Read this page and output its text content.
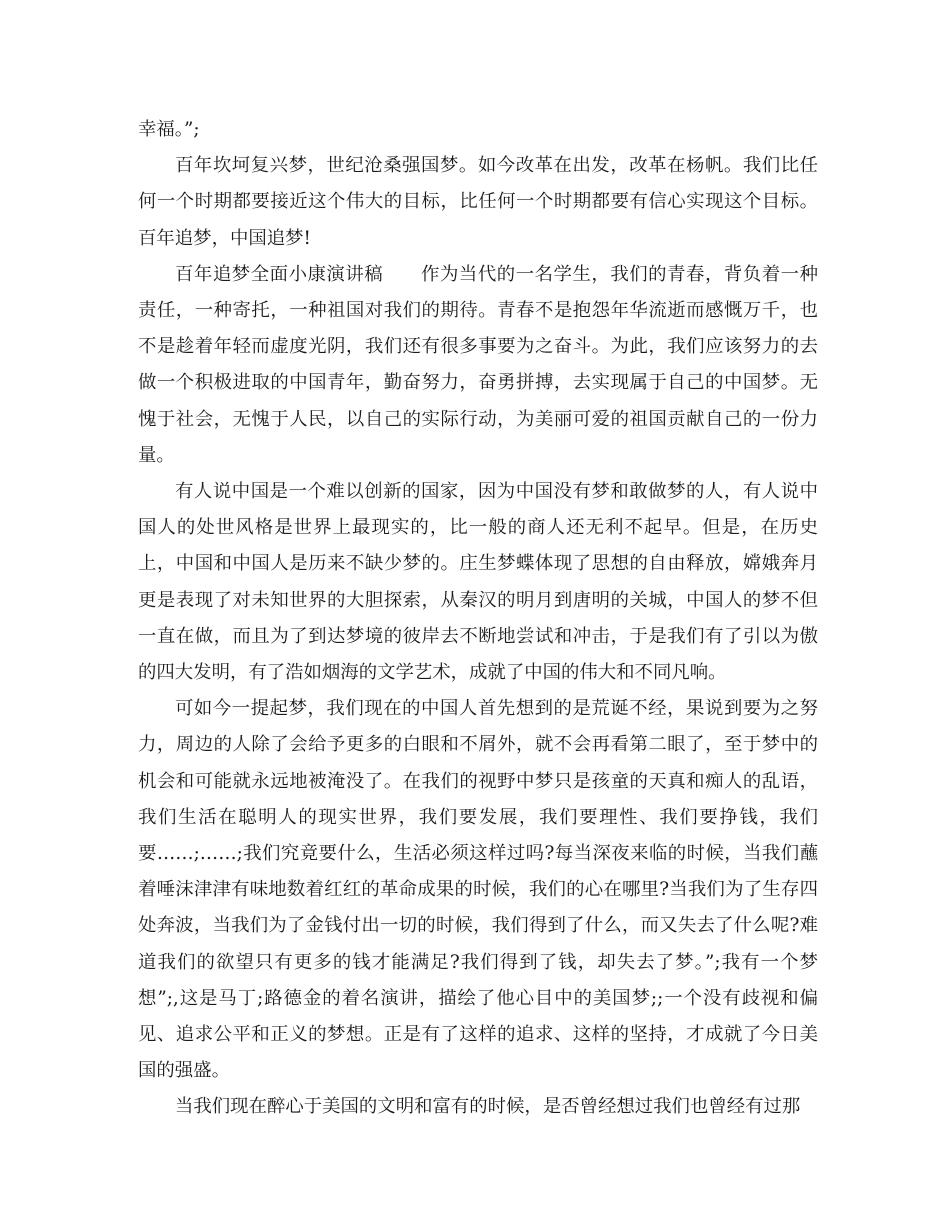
幸福。”;

百年坎坷复兴梦，世纪沧桑强国梦。如今改革在出发，改革在杨帆。我们比任何一个时期都要接近这个伟大的目标，比任何一个时期都要有信心实现这个目标。百年追梦，中国追梦!

百年追梦全面小康演讲稿　　作为当代的一名学生，我们的青春，背负着一种责任，一种寄托，一种祖国对我们的期待。青春不是抱怨年华流逝而感慨万千，也不是趁着年轻而虚度光阴，我们还有很多事要为之奋斗。为此，我们应该努力的去做一个积极进取的中国青年，勤奋努力，奋勇拼搏，去实现属于自己的中国梦。无愧于社会，无愧于人民，以自己的实际行动，为美丽可爱的祖国贡献自己的一份力量。

有人说中国是一个难以创新的国家，因为中国没有梦和敢做梦的人，有人说中国人的处世风格是世界上最现实的，比一般的商人还无利不起早。但是，在历史上，中国和中国人是历来不缺少梦的。庄生梦蝶体现了思想的自由释放，嫦娥奔月更是表现了对未知世界的大胆探索，从秦汉的明月到唐明的关城，中国人的梦不但一直在做，而且为了到达梦境的彼岸去不断地尝试和冲击，于是我们有了引以为傲的四大发明，有了浩如烟海的文学艺术，成就了中国的伟大和不同凡响。

可如今一提起梦，我们现在的中国人首先想到的是荒诞不经，果说到要为之努力，周边的人除了会给予更多的白眼和不屑外，就不会再看第二眼了，至于梦中的机会和可能就永远地被淹没了。在我们的视野中梦只是孩童的天真和痴人的乱语，我们生活在聪明人的现实世界，我们要发展，我们要理性、我们要挣钱，我们要……;……;我们究竟要什么，生活必须这样过吗?每当深夜来临的时候，当我们蘸着唾沫津津有味地数着红红的革命成果的时候，我们的心在哪里?当我们为了生存四处奔波，当我们为了金钱付出一切的时候，我们得到了什么，而又失去了什么呢?难道我们的欲望只有更多的钱才能满足?我们得到了钱，却失去了梦。”;我有一个梦想”;,这是马丁;路德金的着名演讲，描绘了他心目中的美国梦;;一个没有歧视和偏见、追求公平和正义的梦想。正是有了这样的追求、这样的坚持，才成就了今日美国的强盛。

当我们现在醉心于美国的文明和富有的时候，是否曾经想过我们也曾经有过那
